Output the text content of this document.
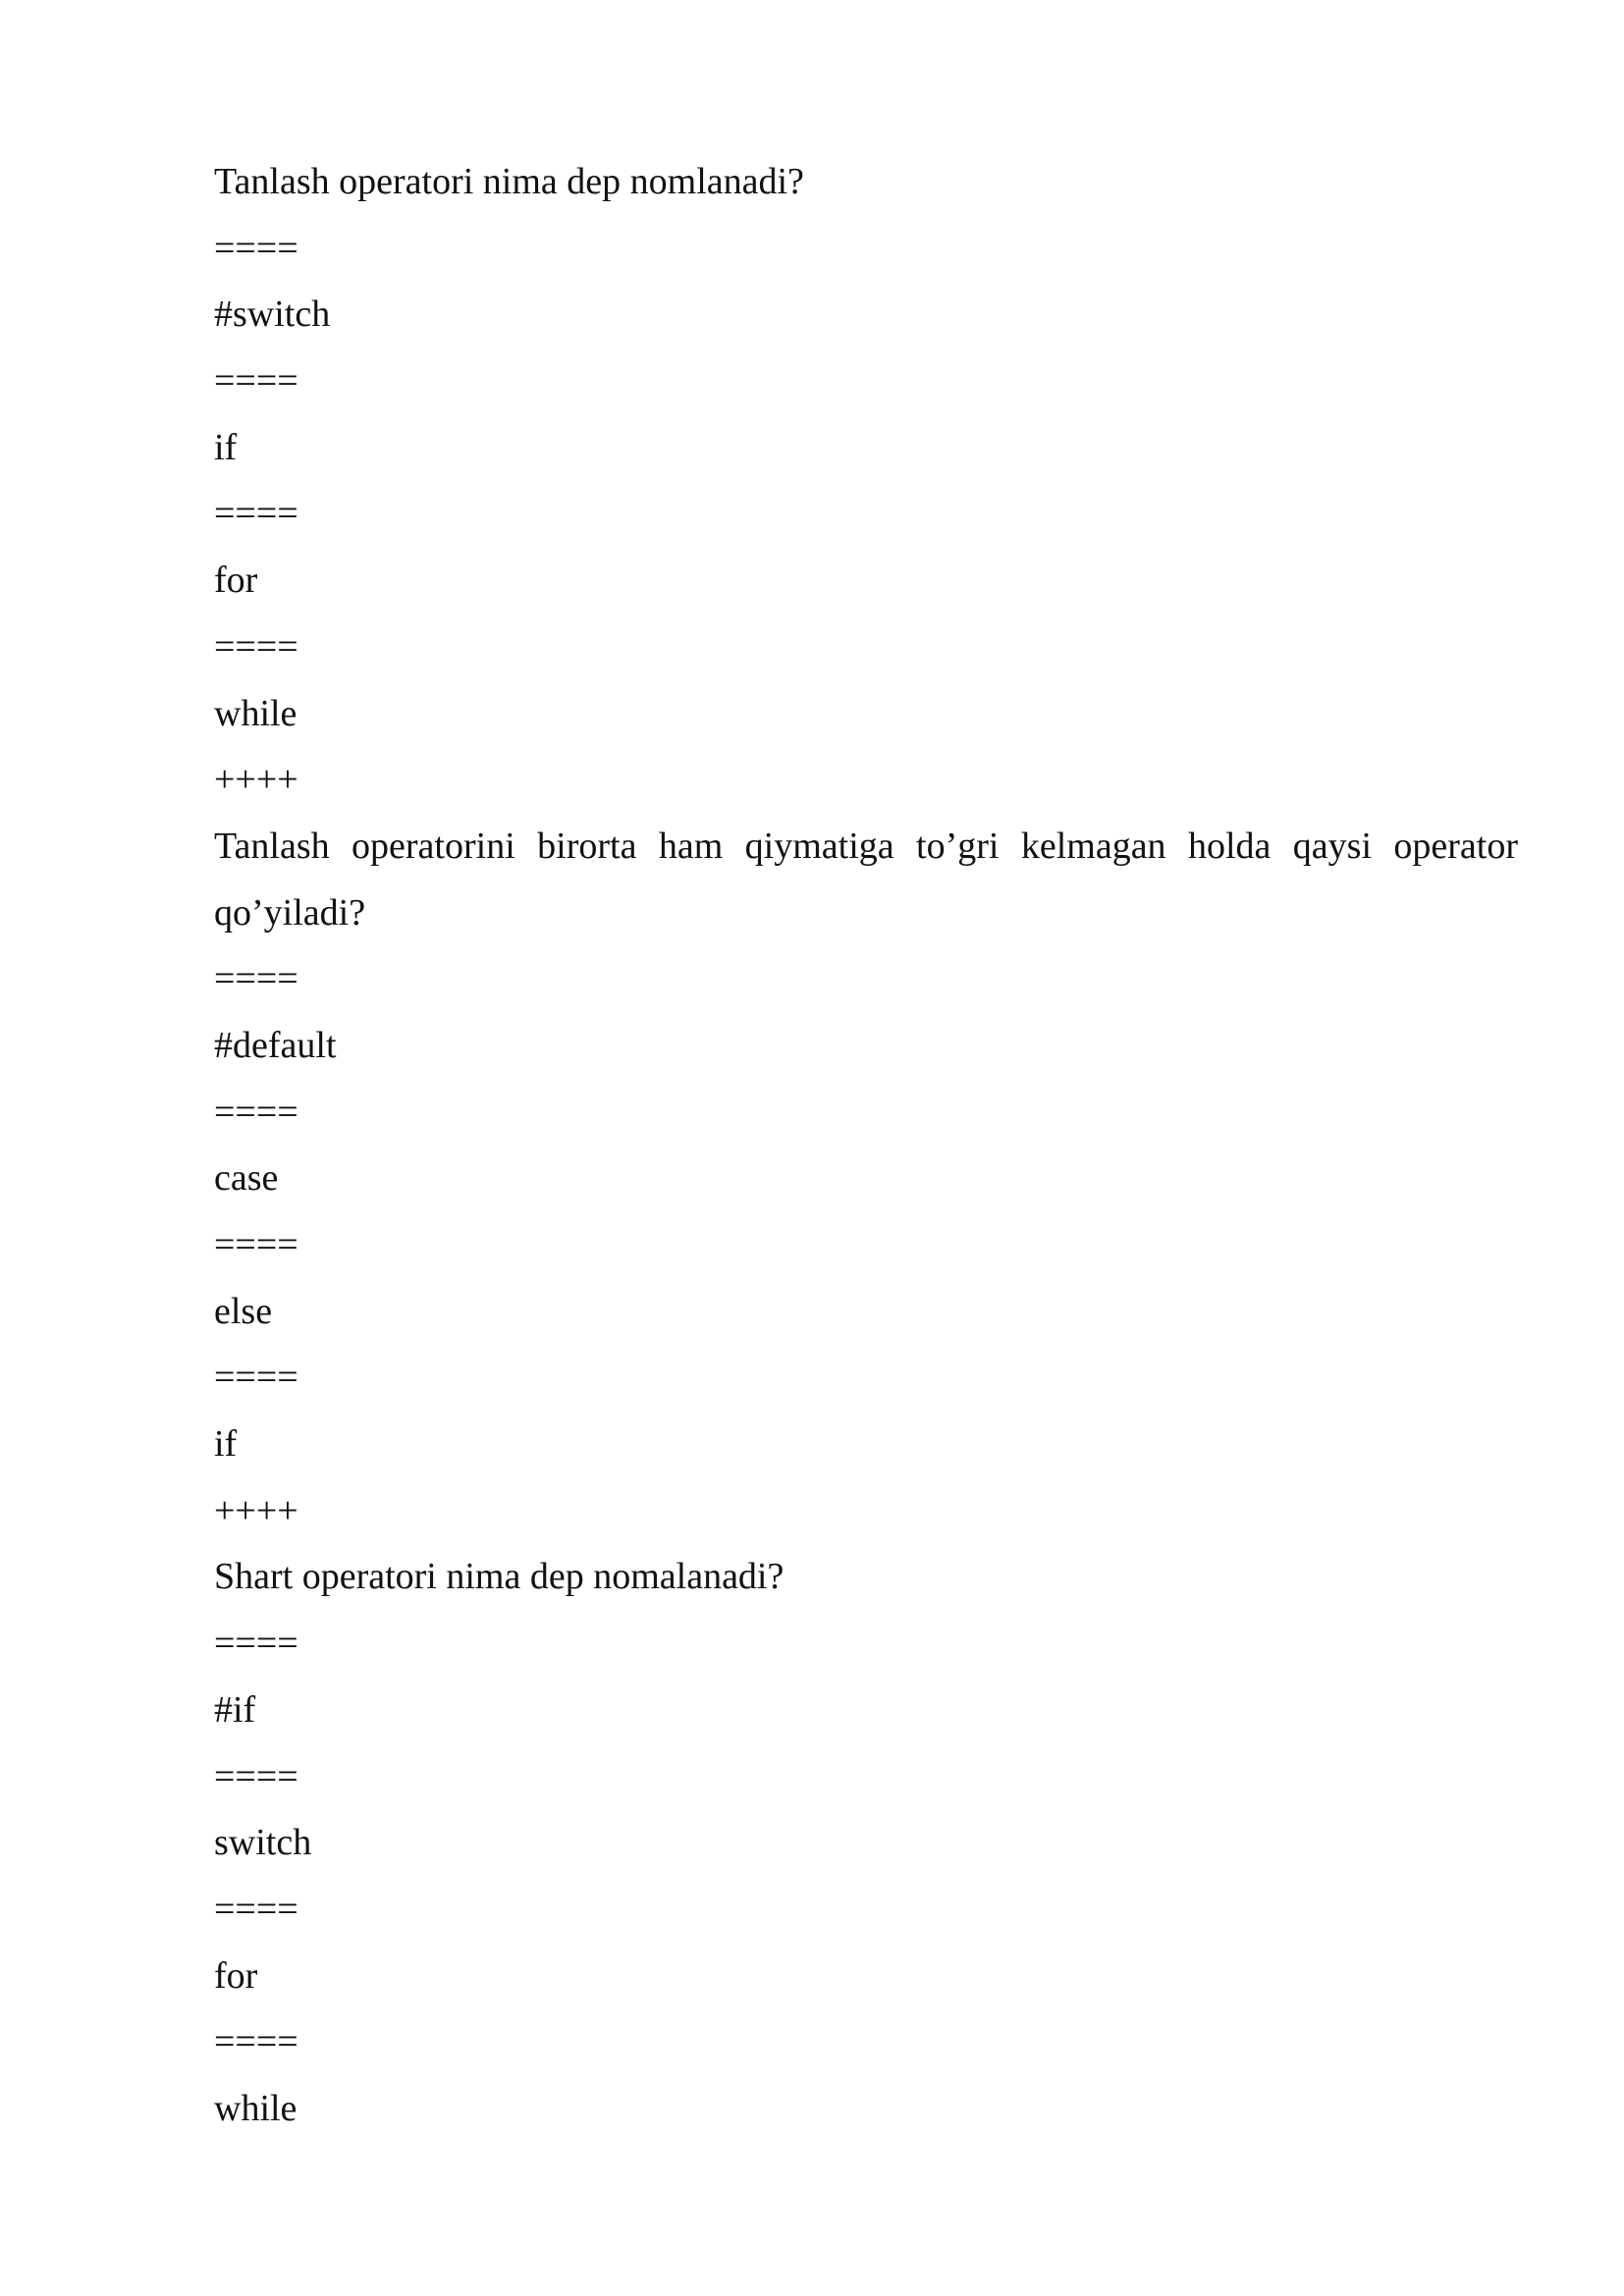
Tanlash operatori nima dep nomlanadi?
====
#switch
====
if
====
for
====
while
++++
Tanlash operatorini birorta ham qiymatiga to’gri kelmagan holda qaysi operator
qo’yiladi?
====
#default
====
case
====
else
====
if
++++
Shart operatori nima dep nomalanadi?
====
#if
====
switch
====
for
====
while
